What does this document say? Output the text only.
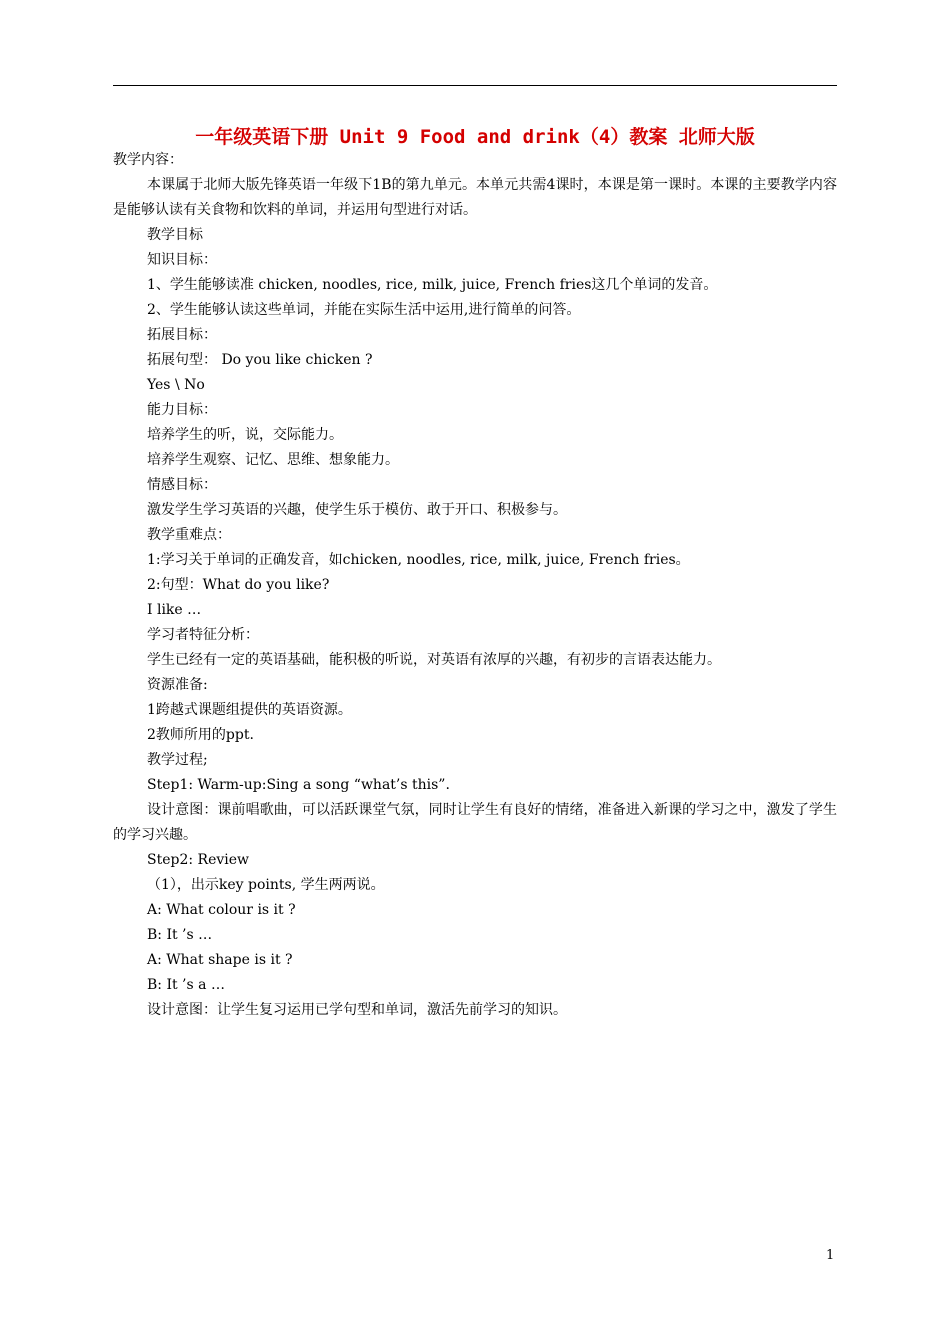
一年级英语下册 Unit 9 Food and drink（4）教案 北师大版
教学内容：
本课属于北师大版先锋英语一年级下1B的第九单元。本单元共需4课时，本课是第一课时。本课的主要教学内容是能够认读有关食物和饮料的单词，并运用句型进行对话。
教学目标
知识目标：
1、学生能够读准 chicken, noodles, rice, milk, juice, French fries这几个单词的发音。
2、学生能够认读这些单词，并能在实际生活中运用,进行简单的问答。
拓展目标：
拓展句型： Do you like chicken ?
Yes \ No
能力目标：
培养学生的听，说，交际能力。
培养学生观察、记忆、思维、想象能力。
情感目标：
激发学生学习英语的兴趣，使学生乐于模仿、敢于开口、积极参与。
教学重难点：
1:学习关于单词的正确发音，如chicken, noodles, rice, milk, juice, French fries。
2:句型：What do you like?
I like …
学习者特征分析：
学生已经有一定的英语基础，能积极的听说，对英语有浓厚的兴趣，有初步的言语表达能力。
资源准备:
1跨越式课题组提供的英语资源。
2教师所用的ppt.
教学过程;
Step1: Warm-up:Sing a song “what’s this”.
设计意图：课前唱歌曲，可以活跃课堂气氛，同时让学生有良好的情绪，准备进入新课的学习之中，激发了学生的学习兴趣。
Step2: Review
（1），出示key points, 学生两两说。
A: What colour is it ?
B: It ’s …
A: What shape is it ?
B: It ’s a …
设计意图：让学生复习运用已学句型和单词，激活先前学习的知识。
1
